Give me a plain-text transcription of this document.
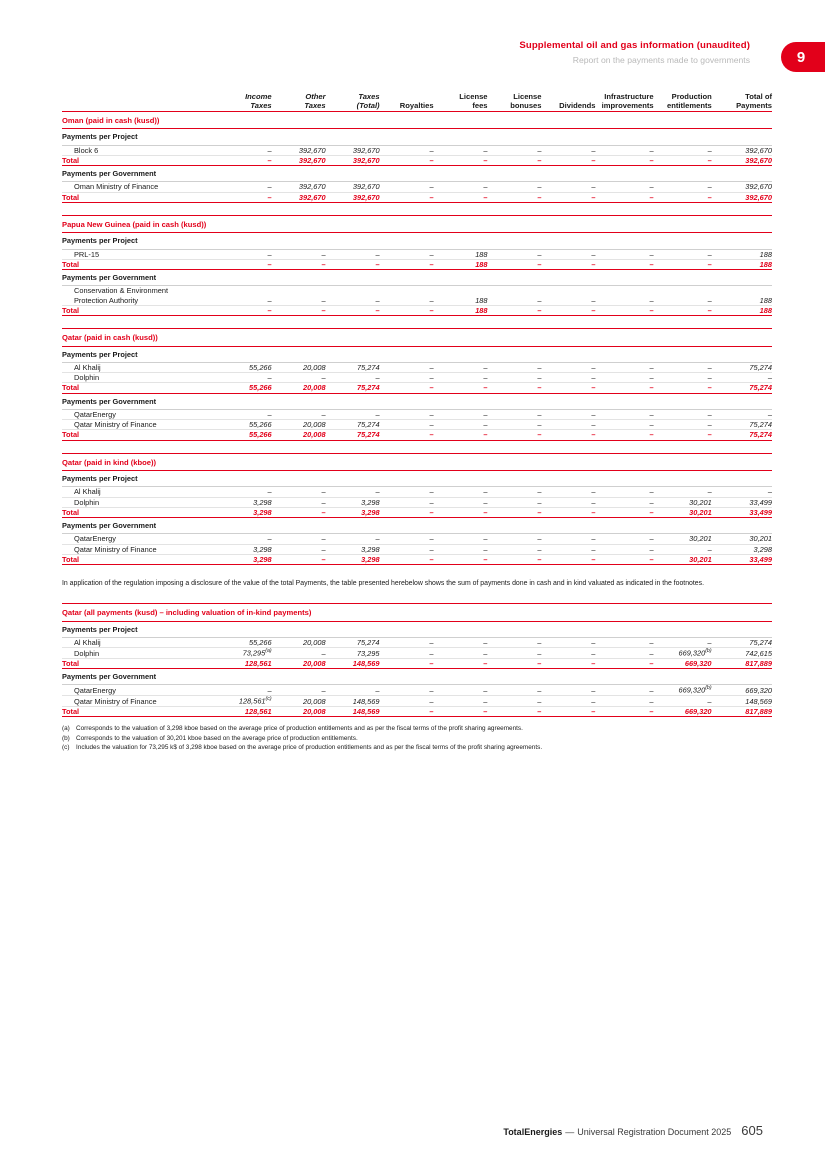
Supplemental oil and gas information (unaudited)
Report on the payments made to governments	9
	Income	Other	Taxes		License	License		Infrastructure	Production	Total of
	Taxes	Taxes	(Total)	Royalties	fees	bonuses	Dividends	improvements	entitlements	Payments
Oman (paid in cash (kusd))										
Payments per Project										
Block 6	–	392,670	392,670	–	–	–	–	–	–	392,670
Total	–	392,670	392,670	–	–	–	–	–	–	392,670
Payments per Government										
Oman Ministry of Finance	–	392,670	392,670	–	–	–	–	–	–	392,670
Total	–	392,670	392,670	–	–	–	–	–	–	392,670

Papua New Guinea (paid in cash (kusd))										
Payments per Project										
PRL-15	–	–	–	–	188	–	–	–	–	188
Total	–	–	–	–	188	–	–	–	–	188
Payments per Government										
Conservation & Environment
Protection Authority	–	–	–	–	188	–	–	–	–	188
Total	–	–	–	–	188	–	–	–	–	188

Qatar (paid in cash (kusd))										
Payments per Project										
Al Khalij	55,266	20,008	75,274	–	–	–	–	–	–	75,274
Dolphin	–	–	–	–	–	–	–	–	–	–
Total	55,266	20,008	75,274	–	–	–	–	–	–	75,274
Payments per Government										
QatarEnergy	–	–	–	–	–	–	–	–	–	–
Qatar Ministry of Finance	55,266	20,008	75,274	–	–	–	–	–	–	75,274
Total	55,266	20,008	75,274	–	–	–	–	–	–	75,274

Qatar (paid in kind (kboe))										
Payments per Project										
Al Khalij	–	–	–	–	–	–	–	–	–	–
Dolphin	3,298	–	3,298	–	–	–	–	–	30,201	33,499
Total	3,298	–	3,298	–	–	–	–	–	30,201	33,499
Payments per Government										
QatarEnergy	–	–	–	–	–	–	–	–	30,201	30,201
Qatar Ministry of Finance	3,298	–	3,298	–	–	–	–	–	–	3,298
Total	3,298	–	3,298	–	–	–	–	–	30,201	33,499
In application of the regulation imposing a disclosure of the value of the total Payments, the table presented herebelow shows the sum of payments done in cash and in kind valuated as indicated in the footnotes.
Qatar (all payments (kusd) – including valuation of in-kind payments)										
Payments per Project										
Al Khalij	55,266	20,008	75,274	–	–	–	–	–	–	75,274
Dolphin	73,295$^{(a)}$	–	73,295	–	–	–	–	–	669,320$^{(b)}$	742,615
Total	128,561	20,008	148,569	–	–	–	–	–	669,320	817,889
Payments per Government										
QatarEnergy	–	–	–	–	–	–	–	–	669,320$^{(b)}$	669,320
Qatar Ministry of Finance	128,561$^{(c)}$	20,008	148,569	–	–	–	–	–	–	148,569
Total	128,561	20,008	148,569	–	–	–	–	–	669,320	817,889
(a) Corresponds to the valuation of 3,298 kboe based on the average price of production entitlements and as per the fiscal terms of the profit sharing agreements.
(b) Corresponds to the valuation of 30,201 kboe based on the average price of production entitlements.
(c)	Includes the valuation for 73,295 k$ of 3,298 kboe based on the average price of production entitlements and as per the fiscal terms of the profit sharing agreements.
TotalEnergies — Universal Registration Document 2025 605
